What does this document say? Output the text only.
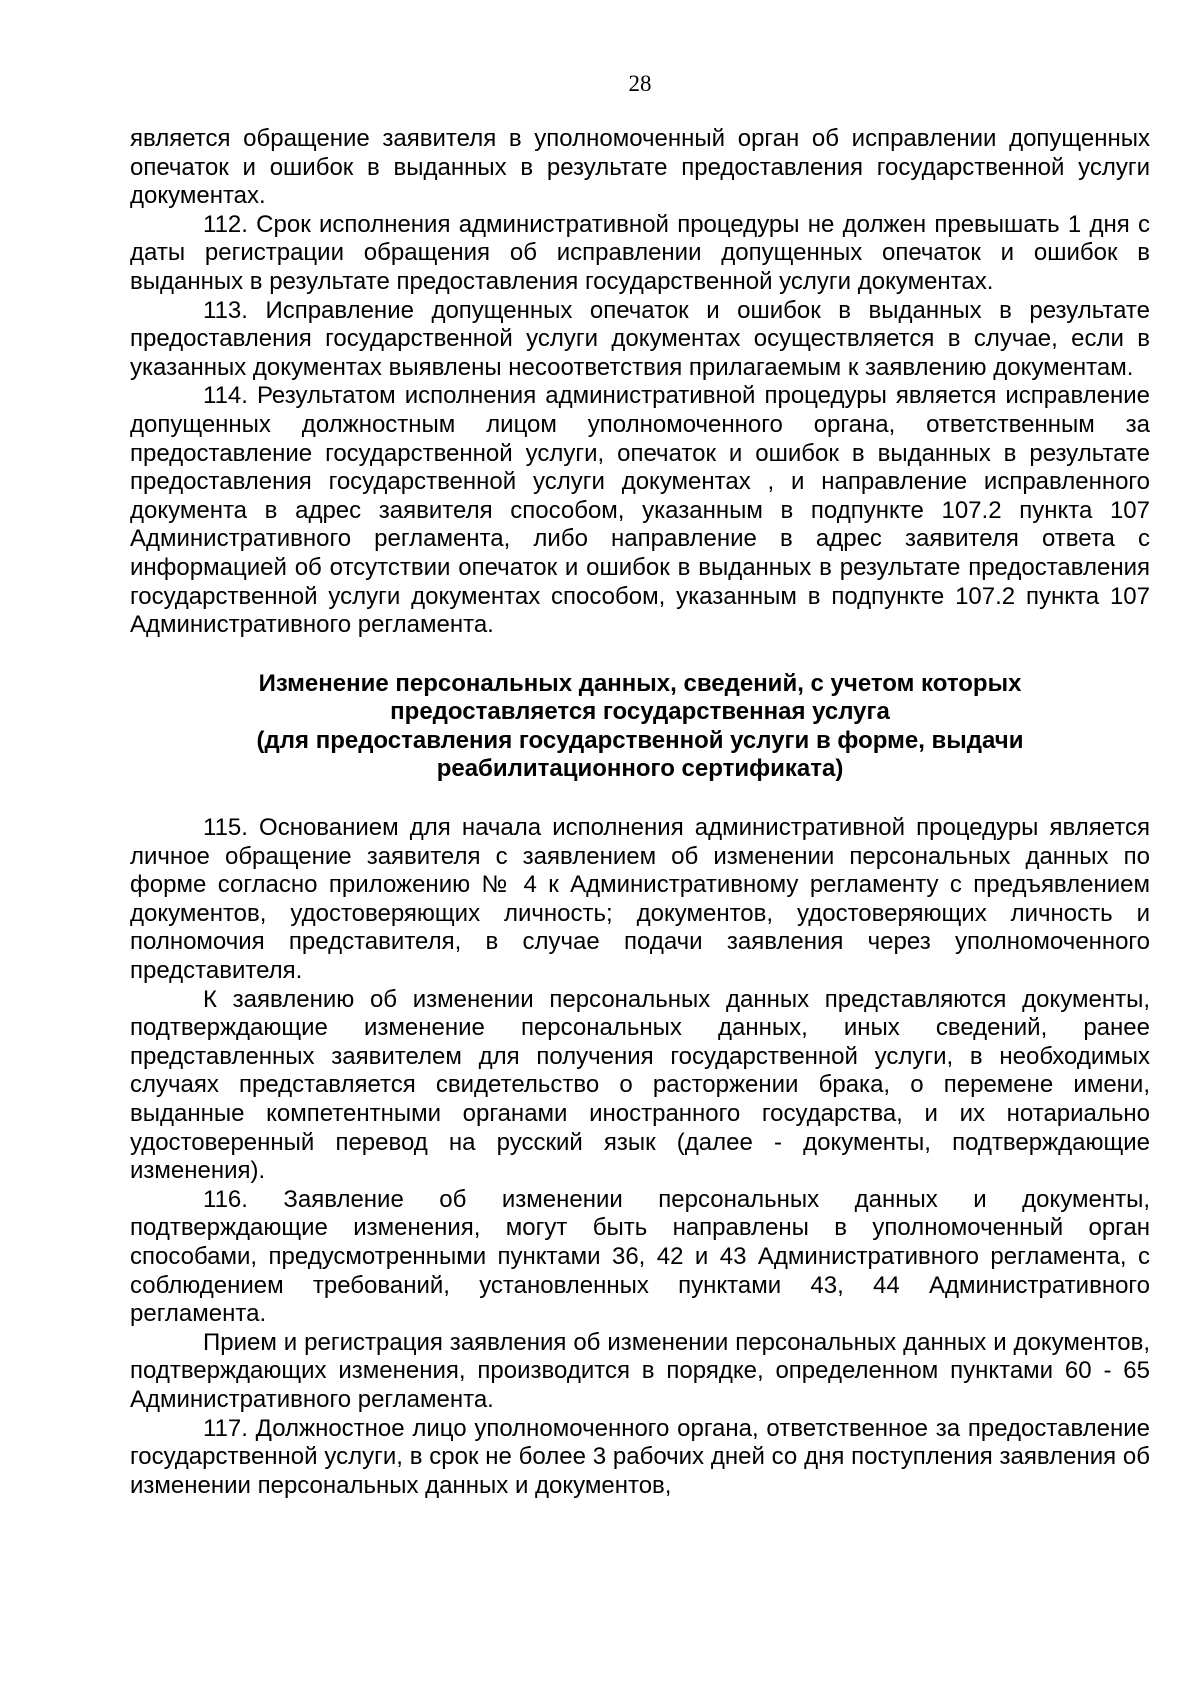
28

является обращение заявителя в уполномоченный орган об исправлении допущенных опечаток и ошибок в выданных в результате предоставления государственной услуги документах.

112. Срок исполнения административной процедуры не должен превышать 1 дня с даты регистрации обращения об исправлении допущенных опечаток и ошибок в выданных в результате предоставления государственной услуги документах.

113. Исправление допущенных опечаток и ошибок в выданных в результате предоставления государственной услуги документах осуществляется в случае, если в указанных документах выявлены несоответствия прилагаемым к заявлению документам.

114. Результатом исполнения административной процедуры является исправление допущенных должностным лицом уполномоченного органа, ответственным за предоставление государственной услуги, опечаток и ошибок в выданных в результате предоставления государственной услуги документах , и направление исправленного документа в адрес заявителя способом, указанным в подпункте 107.2 пункта 107 Административного регламента, либо направление в адрес заявителя ответа с информацией об отсутствии опечаток и ошибок в выданных в результате предоставления государственной услуги документах способом, указанным в подпункте 107.2 пункта 107 Административного регламента.

Изменение персональных данных, сведений, с учетом которых
предоставляется государственная услуга
(для предоставления государственной услуги в форме, выдачи
реабилитационного сертификата)

115. Основанием для начала исполнения административной процедуры является личное обращение заявителя с заявлением об изменении персональных данных по форме согласно приложению № 4 к Административному регламенту с предъявлением документов, удостоверяющих личность; документов, удостоверяющих личность и полномочия представителя, в случае подачи заявления через уполномоченного представителя.

К заявлению об изменении персональных данных представляются документы, подтверждающие изменение персональных данных, иных сведений, ранее представленных заявителем для получения государственной услуги, в необходимых случаях представляется свидетельство о расторжении брака, о перемене имени, выданные компетентными органами иностранного государства, и их нотариально удостоверенный перевод на русский язык (далее - документы, подтверждающие изменения).

116. Заявление об изменении персональных данных и документы, подтверждающие изменения, могут быть направлены в уполномоченный орган способами, предусмотренными пунктами 36, 42 и 43 Административного регламента, с соблюдением требований, установленных пунктами 43, 44 Административного регламента.

Прием и регистрация заявления об изменении персональных данных и документов, подтверждающих изменения, производится в порядке, определенном пунктами 60 - 65 Административного регламента.

117. Должностное лицо уполномоченного органа, ответственное за предоставление государственной услуги, в срок не более 3 рабочих дней со дня поступления заявления об изменении персональных данных и документов,
